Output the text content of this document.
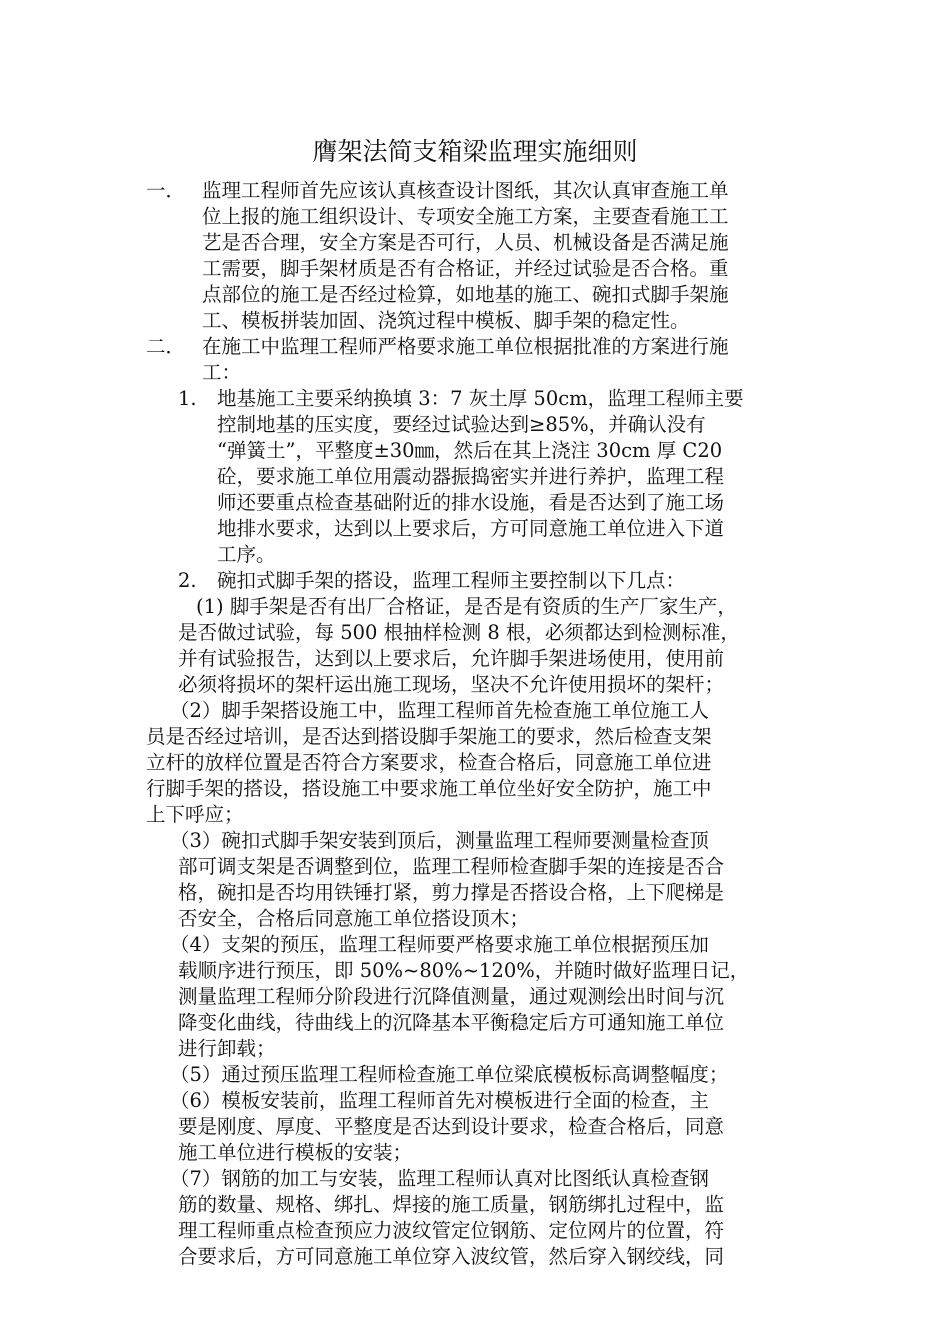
膺架法简支箱梁监理实施细则
一． 监理工程师首先应该认真核查设计图纸，其次认真审查施工单
位上报的施工组织设计、专项安全施工方案，主要查看施工工
艺是否合理，安全方案是否可行，人员、机械设备是否满足施
工需要，脚手架材质是否有合格证，并经过试验是否合格。重
点部位的施工是否经过检算，如地基的施工、碗扣式脚手架施
工、模板拼装加固、浇筑过程中模板、脚手架的稳定性。
二． 在施工中监理工程师严格要求施工单位根据批准的方案进行施
工：
1. 地基施工主要采纳换填 3：7 灰土厚 50cm，监理工程师主要
控制地基的压实度，要经过试验达到≥85%，并确认没有
“弹簧土”，平整度±30㎜，然后在其上浇注 30cm 厚 C20
砼，要求施工单位用震动器振捣密实并进行养护，监理工程
师还要重点检查基础附近的排水设施，看是否达到了施工场
地排水要求，达到以上要求后，方可同意施工单位进入下道
工序。
2. 碗扣式脚手架的搭设，监理工程师主要控制以下几点：
(1) 脚手架是否有出厂合格证，是否是有资质的生产厂家生产，
是否做过试验，每 500 根抽样检测 8 根，必须都达到检测标准，
并有试验报告，达到以上要求后，允许脚手架进场使用，使用前
必须将损坏的架杆运出施工现场，坚决不允许使用损坏的架杆；
（2）脚手架搭设施工中，监理工程师首先检查施工单位施工人
员是否经过培训，是否达到搭设脚手架施工的要求，然后检查支架
立杆的放样位置是否符合方案要求，检查合格后，同意施工单位进
行脚手架的搭设，搭设施工中要求施工单位坐好安全防护，施工中
上下呼应；
（3）碗扣式脚手架安装到顶后，测量监理工程师要测量检查顶
部可调支架是否调整到位，监理工程师检查脚手架的连接是否合
格，碗扣是否均用铁锤打紧，剪力撑是否搭设合格，上下爬梯是
否安全，合格后同意施工单位搭设顶木；
（4）支架的预压，监理工程师要严格要求施工单位根据预压加
载顺序进行预压，即 50%~80%~120%，并随时做好监理日记，
测量监理工程师分阶段进行沉降值测量，通过观测绘出时间与沉
降变化曲线，待曲线上的沉降基本平衡稳定后方可通知施工单位
进行卸载；
（5）通过预压监理工程师检查施工单位梁底模板标高调整幅度；
（6）模板安装前，监理工程师首先对模板进行全面的检查，主
要是刚度、厚度、平整度是否达到设计要求，检查合格后，同意
施工单位进行模板的安装；
（7）钢筋的加工与安装，监理工程师认真对比图纸认真检查钢
筋的数量、规格、绑扎、焊接的施工质量，钢筋绑扎过程中，监
理工程师重点检查预应力波纹管定位钢筋、定位网片的位置，符
合要求后，方可同意施工单位穿入波纹管，然后穿入钢绞线，同
